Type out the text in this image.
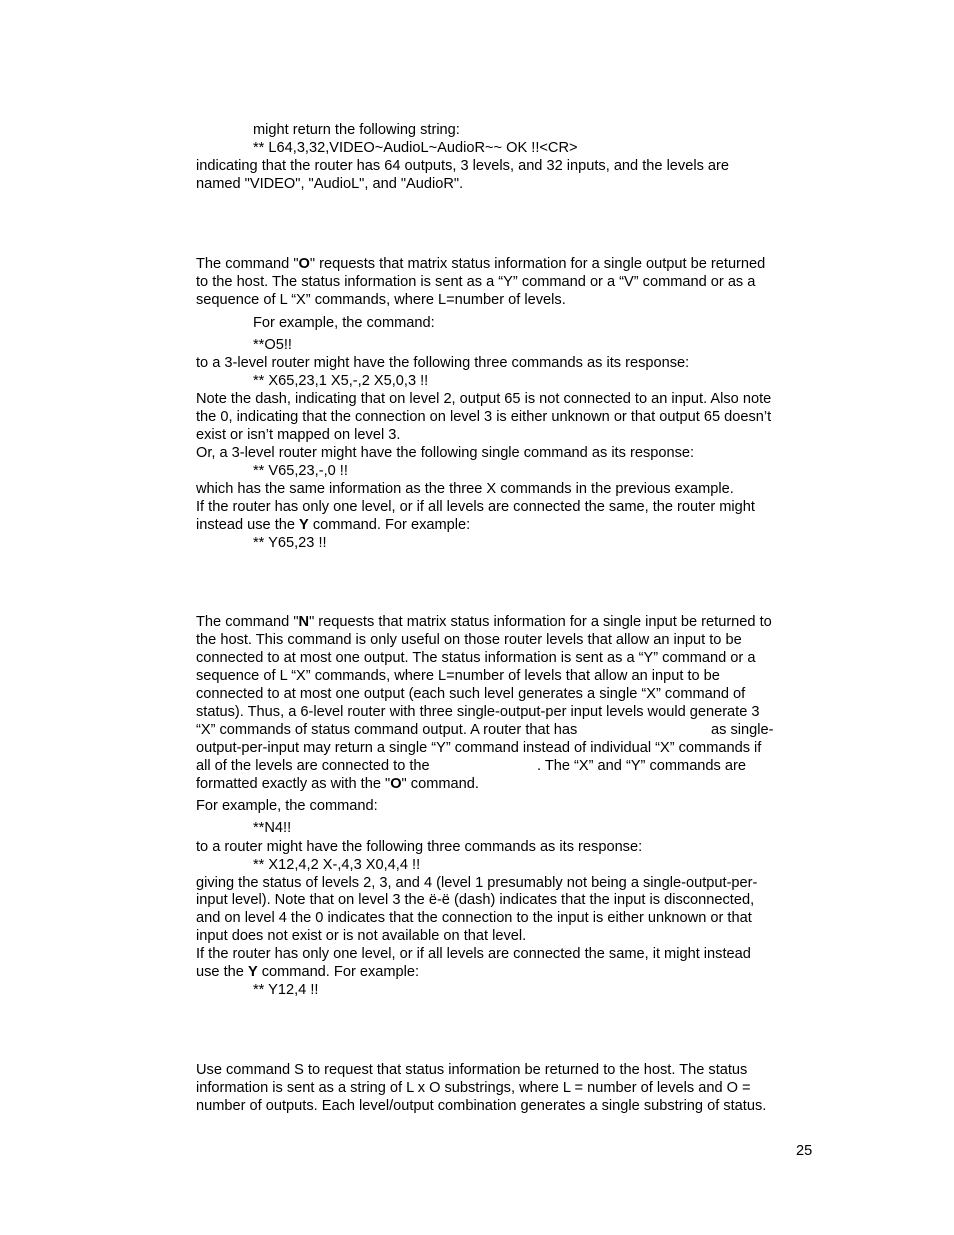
might return the following string:
** L64,3,32,VIDEO~AudioL~AudioR~~ OK !!<CR>
indicating that the router has 64 outputs, 3 levels, and 32 inputs, and the levels are
named "VIDEO", "AudioL", and "AudioR".
The command "O" requests that matrix status information for a single output be returned
to the host. The status information is sent as a “Y” command or a “V” command or as a
sequence of L “X” commands, where L=number of levels.
For example, the command:
**O5!!
to a 3-level router might have the following three commands as its response:
** X65,23,1 X5,-,2 X5,0,3 !!
Note the dash, indicating that on level 2, output 65 is not connected to an input. Also note
the 0, indicating that the connection on level 3 is either unknown or that output 65 doesn’t
exist or isn’t mapped on level 3.
Or, a 3-level router might have the following single command as its response:
** V65,23,-,0 !!
which has the same information as the three X commands in the previous example.
If the router has only one level, or if all levels are connected the same, the router might
instead use the Y command. For example:
** Y65,23 !!
The command "N" requests that matrix status information for a single input be returned to
the host. This command is only useful on those router levels that allow an input to be
connected to at most one output. The status information is sent as a “Y” command or a
sequence of L “X” commands, where L=number of levels that allow an input to be
connected to at most one output (each such level generates a single “X” command of
status). Thus, a 6-level router with three single-output-per input levels would generate 3
“X” commands of status command output. A router that has	as single-
output-per-input may return a single “Y” command instead of individual “X” commands if
all of the levels are connected to the	. The “X” and “Y” commands are
formatted exactly as with the "O" command.
For example, the command:
**N4!!
to a router might have the following three commands as its response:
** X12,4,2 X-,4,3 X0,4,4 !!
giving the status of levels 2, 3, and 4 (level 1 presumably not being a single-output-per-
input level). Note that on level 3 the ë-ë (dash) indicates that the input is disconnected,
and on level 4 the 0 indicates that the connection to the input is either unknown or that
input does not exist or is not available on that level.
If the router has only one level, or if all levels are connected the same, it might instead
use the Y command. For example:
** Y12,4 !!
Use command S to request that status information be returned to the host. The status
information is sent as a string of L x O substrings, where L = number of levels and O =
number of outputs. Each level/output combination generates a single substring of status.
25
